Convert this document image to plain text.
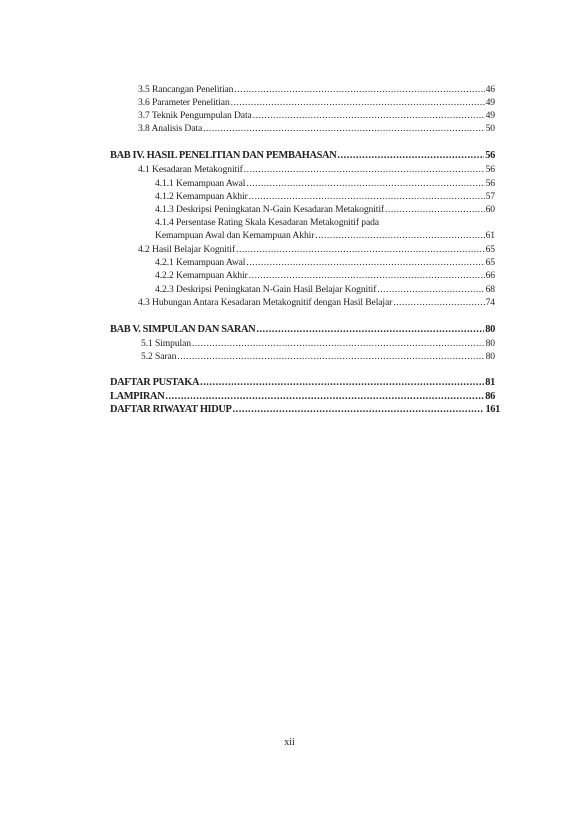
3.5 Rancangan Penelitian .....	46
3.6 Parameter Penelitian .....	49
3.7 Teknik Pengumpulan Data .....	49
3.8 Analisis Data .....	50
BAB IV. HASIL PENELITIAN DAN PEMBAHASAN .....	56
4.1 Kesadaran Metakognitif .....	56
4.1.1 Kemampuan Awal .....	56
4.1.2 Kemampuan Akhir .....	57
4.1.3 Deskripsi Peningkatan N-Gain Kesadaran Metakognitif .....	60
4.1.4 Persentase Rating Skala Kesadaran Metakognitif pada
Kemampuan Awal dan Kemampuan Akhir .....	61
4.2 Hasil Belajar Kognitif .....	65
4.2.1 Kemampuan Awal .....	65
4.2.2 Kemampuan Akhir .....	66
4.2.3 Deskripsi Peningkatan N-Gain Hasil Belajar Kognitif .....	68
4.3 Hubungan Antara Kesadaran Metakognitif dengan Hasil Belajar .....	74
BAB V. SIMPULAN DAN SARAN .....	80
5.1 Simpulan .....	80
5.2 Saran .....	80
DAFTAR PUSTAKA .....	81
LAMPIRAN .....	86
DAFTAR RIWAYAT HIDUP .....	161
xii
